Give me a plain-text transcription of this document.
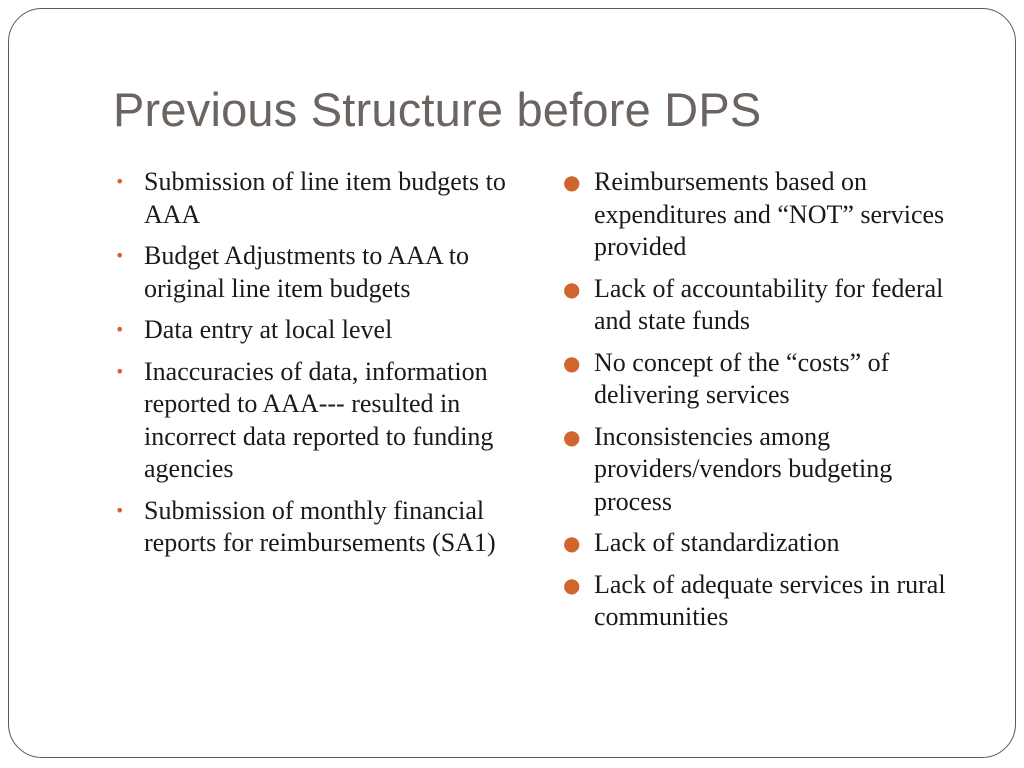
Previous Structure before DPS
• Submission of line item budgets to AAA
• Budget Adjustments to AAA to original line item budgets
• Data entry at local level
• Inaccuracies of data, information reported to AAA--- resulted in incorrect data reported to funding agencies
• Submission of monthly financial reports for reimbursements (SA1)
● Reimbursements based on expenditures and “NOT” services provided
● Lack of accountability for federal and state funds
● No concept of the “costs” of delivering services
● Inconsistencies among providers/vendors budgeting process
● Lack of standardization
● Lack of adequate services in rural communities
